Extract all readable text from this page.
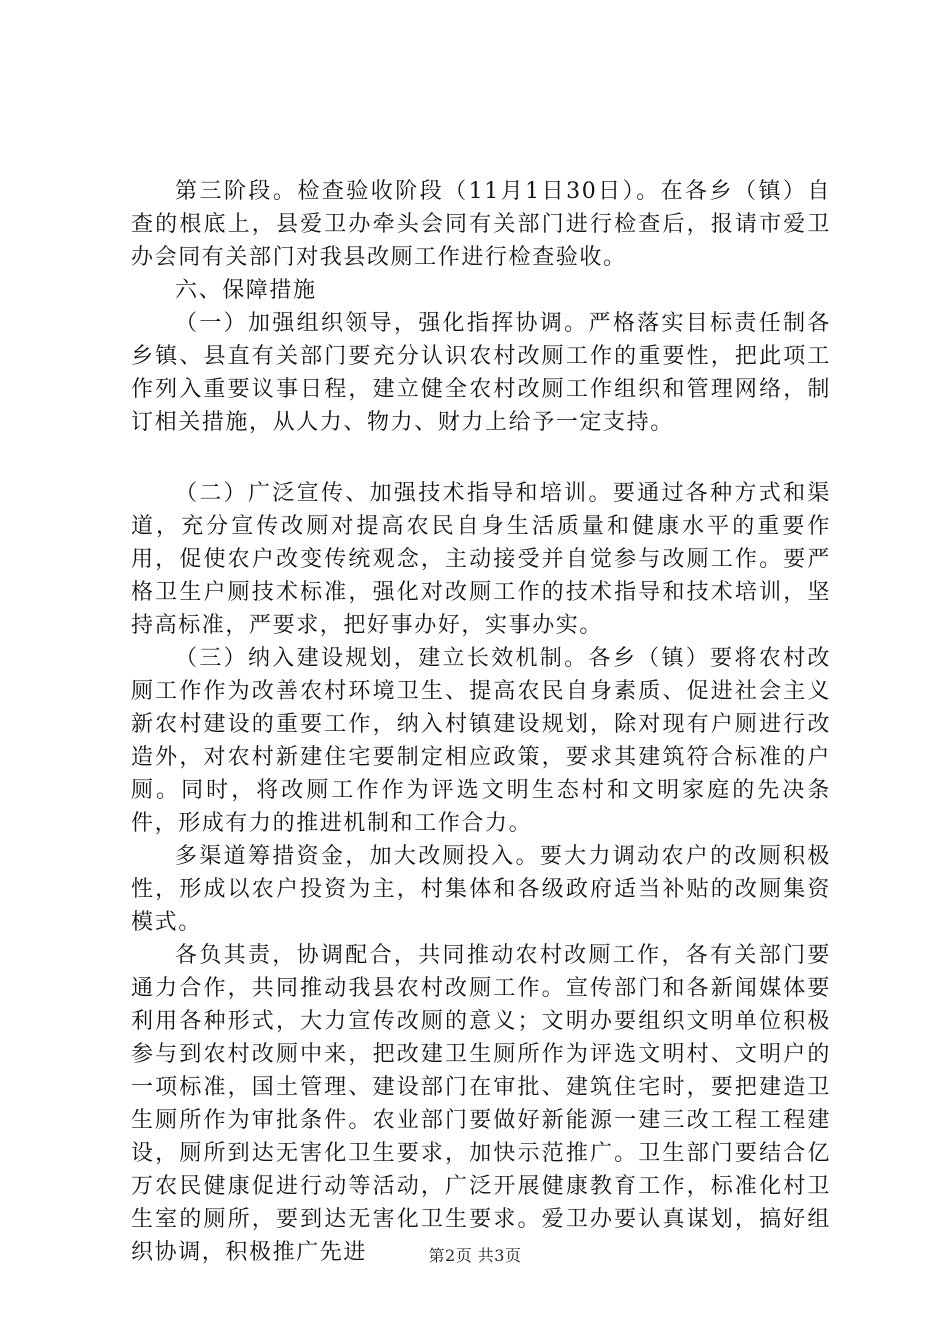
第三阶段。检查验收阶段（11月1日30日）。在各乡（镇）自查的根底上，县爱卫办牵头会同有关部门进行检查后，报请市爱卫办会同有关部门对我县改厕工作进行检查验收。

六、保障措施

（一）加强组织领导，强化指挥协调。严格落实目标责任制各乡镇、县直有关部门要充分认识农村改厕工作的重要性，把此项工作列入重要议事日程，建立健全农村改厕工作组织和管理网络，制订相关措施，从人力、物力、财力上给予一定支持。

（二）广泛宣传、加强技术指导和培训。要通过各种方式和渠道，充分宣传改厕对提高农民自身生活质量和健康水平的重要作用，促使农户改变传统观念，主动接受并自觉参与改厕工作。要严格卫生户厕技术标准，强化对改厕工作的技术指导和技术培训，坚持高标准，严要求，把好事办好，实事办实。

（三）纳入建设规划，建立长效机制。各乡（镇）要将农村改厕工作作为改善农村环境卫生、提高农民自身素质、促进社会主义新农村建设的重要工作，纳入村镇建设规划，除对现有户厕进行改造外，对农村新建住宅要制定相应政策，要求其建筑符合标准的户厕。同时，将改厕工作作为评选文明生态村和文明家庭的先决条件，形成有力的推进机制和工作合力。

多渠道筹措资金，加大改厕投入。要大力调动农户的改厕积极性，形成以农户投资为主，村集体和各级政府适当补贴的改厕集资模式。

各负其责，协调配合，共同推动农村改厕工作，各有关部门要通力合作，共同推动我县农村改厕工作。宣传部门和各新闻媒体要利用各种形式，大力宣传改厕的意义；文明办要组织文明单位积极参与到农村改厕中来，把改建卫生厕所作为评选文明村、文明户的一项标准，国土管理、建设部门在审批、建筑住宅时，要把建造卫生厕所作为审批条件。农业部门要做好新能源一建三改工程工程建设，厕所到达无害化卫生要求，加快示范推广。卫生部门要结合亿万农民健康促进行动等活动，广泛开展健康教育工作，标准化村卫生室的厕所，要到达无害化卫生要求。爱卫办要认真谋划，搞好组织协调，积极推广先进	第2页 共3页
